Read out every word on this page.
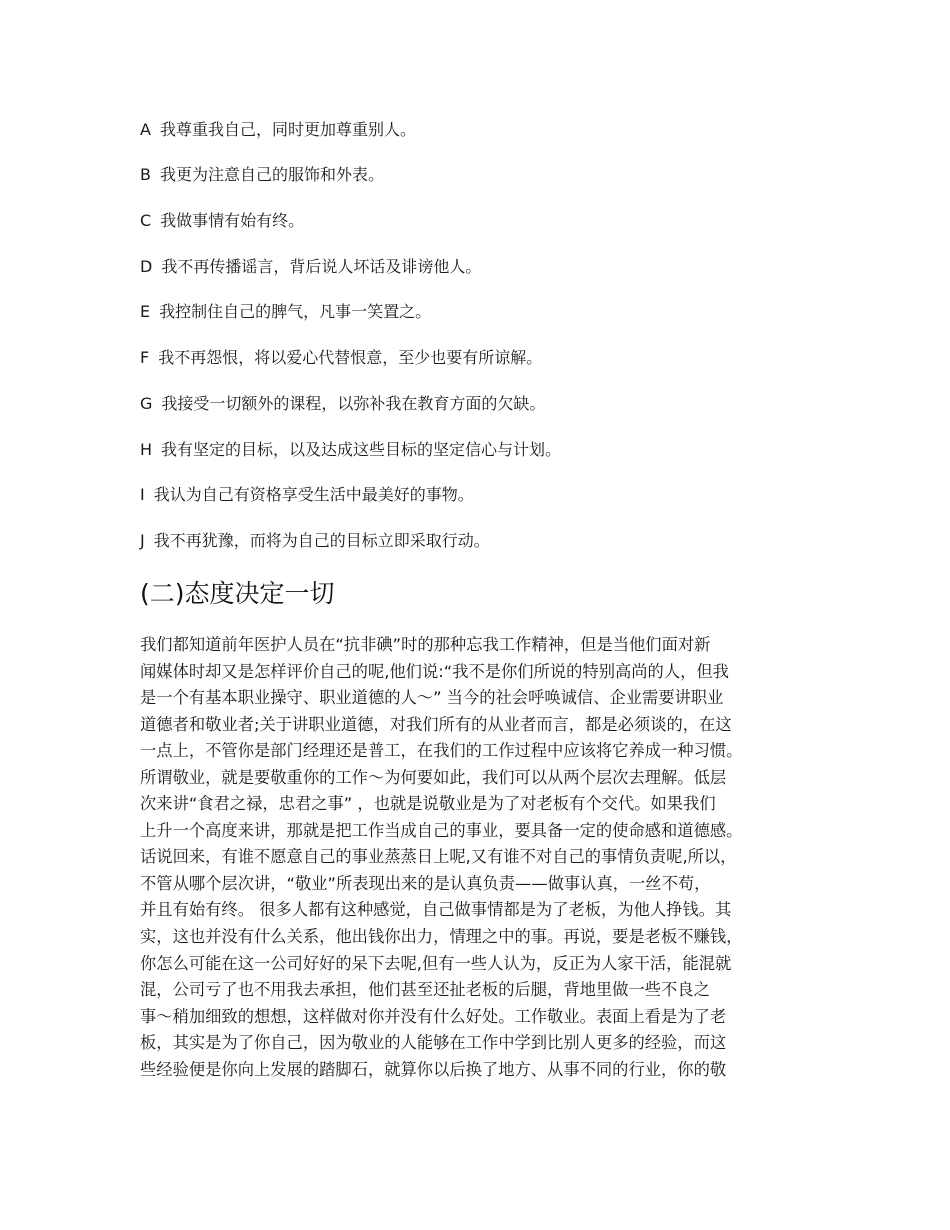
A 我尊重我自己，同时更加尊重别人。
B 我更为注意自己的服饰和外表。
C 我做事情有始有终。
D 我不再传播谣言，背后说人坏话及诽谤他人。
E 我控制住自己的脾气，凡事一笑置之。
F 我不再怨恨，将以爱心代替恨意，至少也要有所谅解。
G 我接受一切额外的课程，以弥补我在教育方面的欠缺。
H 我有坚定的目标，以及达成这些目标的坚定信心与计划。
I 我认为自己有资格享受生活中最美好的事物。
J 我不再犹豫，而将为自己的目标立即采取行动。
(二)态度决定一切
我们都知道前年医护人员在“抗非碘”时的那种忘我工作精神，但是当他们面对新
闻媒体时却又是怎样评价自己的呢,他们说:“我不是你们所说的特别高尚的人，但我
是一个有基本职业操守、职业道德的人～” 当今的社会呼唤诚信、企业需要讲职业
道德者和敬业者;关于讲职业道德，对我们所有的从业者而言，都是必须谈的，在这
一点上，不管你是部门经理还是普工，在我们的工作过程中应该将它养成一种习惯。
所谓敬业，就是要敬重你的工作～为何要如此，我们可以从两个层次去理解。低层
次来讲“食君之禄，忠君之事” ，也就是说敬业是为了对老板有个交代。如果我们
上升一个高度来讲，那就是把工作当成自己的事业，要具备一定的使命感和道德感。
话说回来，有谁不愿意自己的事业蒸蒸日上呢,又有谁不对自己的事情负责呢,所以，
不管从哪个层次讲，“敬业”所表现出来的是认真负责——做事认真，一丝不苟，
并且有始有终。 很多人都有这种感觉，自己做事情都是为了老板，为他人挣钱。其
实，这也并没有什么关系，他出钱你出力，情理之中的事。再说，要是老板不赚钱，
你怎么可能在这一公司好好的呆下去呢,但有一些人认为，反正为人家干活，能混就
混，公司亏了也不用我去承担，他们甚至还扯老板的后腿，背地里做一些不良之
事～稍加细致的想想，这样做对你并没有什么好处。工作敬业。表面上看是为了老
板，其实是为了你自己，因为敬业的人能够在工作中学到比别人更多的经验，而这
些经验便是你向上发展的踏脚石，就算你以后换了地方、从事不同的行业，你的敬
